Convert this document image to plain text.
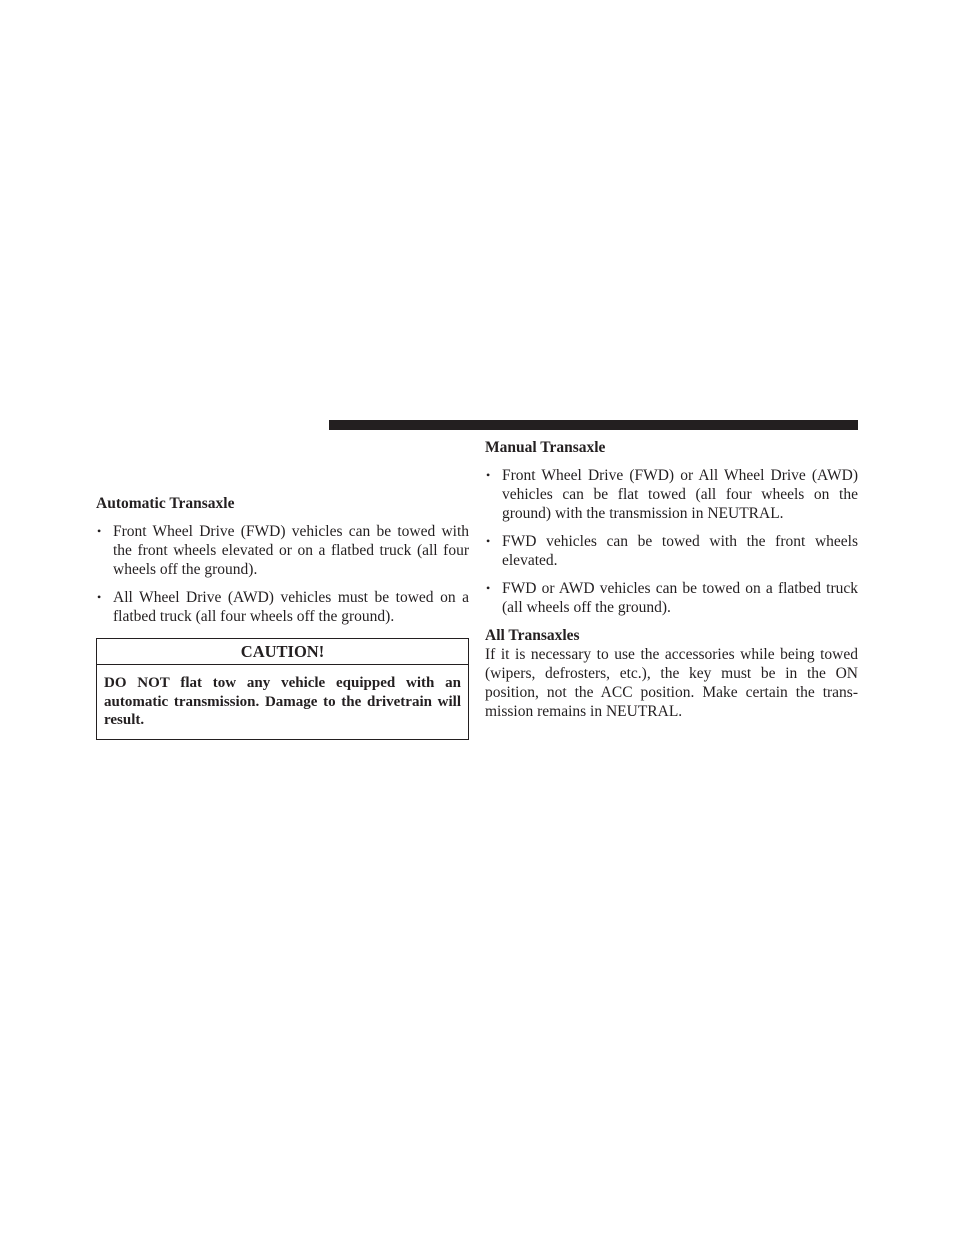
Automatic Transaxle
• Front Wheel Drive (FWD) vehicles can be towed with the front wheels elevated or on a flatbed truck (all four wheels off the ground).
• All Wheel Drive (AWD) vehicles must be towed on a flatbed truck (all four wheels off the ground).
CAUTION!
DO NOT flat tow any vehicle equipped with an automatic transmission. Damage to the drivetrain will result.
Manual Transaxle
• Front Wheel Drive (FWD) or All Wheel Drive (AWD) vehicles can be flat towed (all four wheels on the ground) with the transmission in NEUTRAL.
• FWD vehicles can be towed with the front wheels elevated.
• FWD or AWD vehicles can be towed on a flatbed truck (all wheels off the ground).
All Transaxles

If it is necessary to use the accessories while being towed (wipers, defrosters, etc.), the key must be in the ON position, not the ACC position. Make certain the trans-mission remains in NEUTRAL.
